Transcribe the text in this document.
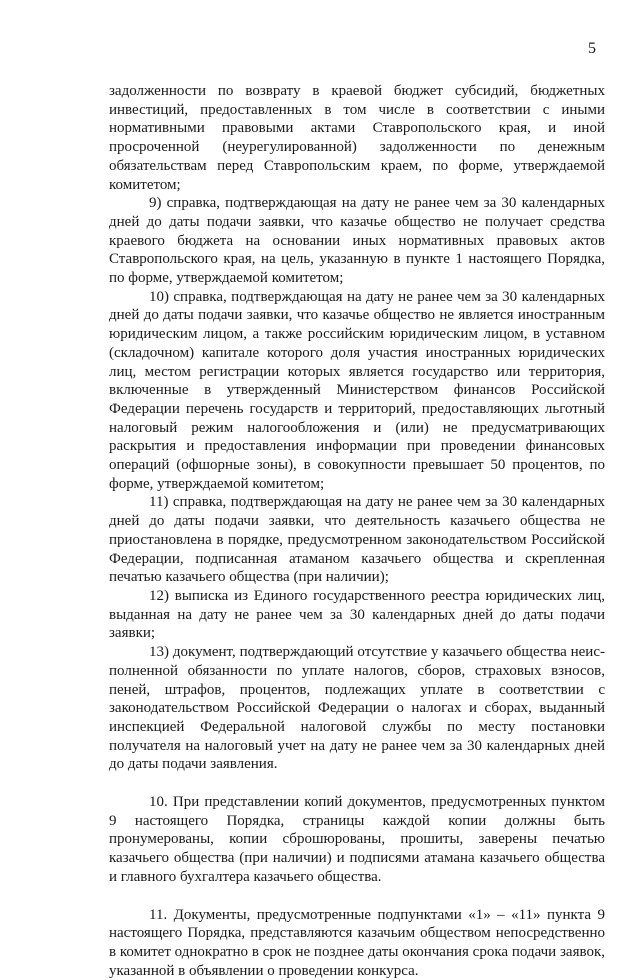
5

задолженности по возврату в краевой бюджет субсидий, бюджетных инвестиций, предоставленных в том числе в соответствии с иными нормативными правовыми актами Ставропольского края, и иной просроченной (неурегулированной) задолженности по денежным обязательствам перед Ставропольским краем, по форме, утверждаемой комитетом;

9) справка, подтверждающая на дату не ранее чем за 30 календарных дней до даты подачи заявки, что казачье общество не получает средства краевого бюджета на основании иных нормативных правовых актов Ставропольского края, на цель, указанную в пункте 1 настоящего Порядка, по форме, утверждаемой комитетом;

10) справка, подтверждающая на дату не ранее чем за 30 календарных дней до даты подачи заявки, что казачье общество не является иностранным юридическим лицом, а также российским юридическим лицом, в уставном (складочном) капитале которого доля участия иностранных юридических лиц, местом регистрации которых является государство или территория, включенные в утвержденный Министерством финансов Российской Федерации перечень государств и территорий, предоставляющих льготный налоговый режим налогообложения и (или) не предусматривающих раскрытия и предоставления информации при проведении финансовых операций (офшорные зоны), в совокупности превышает 50 процентов, по форме, утверждаемой комитетом;

11) справка, подтверждающая на дату не ранее чем за 30 календарных дней до даты подачи заявки, что деятельность казачьего общества не приостановлена в порядке, предусмотренном законодательством Российской Федерации, подписанная атаманом казачьего общества и скрепленная печатью казачьего общества (при наличии);

12) выписка из Единого государственного реестра юридических лиц, выданная на дату не ранее чем за 30 календарных дней до даты подачи заявки;

13) документ, подтверждающий отсутствие у казачьего общества неисполненной обязанности по уплате налогов, сборов, страховых взносов, пеней, штрафов, процентов, подлежащих уплате в соответствии с законодательством Российской Федерации о налогах и сборах, выданный инспекцией Федеральной налоговой службы по месту постановки получателя на налоговый учет на дату не ранее чем за 30 календарных дней до даты подачи заявления.

10. При представлении копий документов, предусмотренных пунктом 9 настоящего Порядка, страницы каждой копии должны быть пронумерованы, копии сброшюрованы, прошиты, заверены печатью казачьего общества (при наличии) и подписями атамана казачьего общества и главного бухгалтера казачьего общества.

11. Документы, предусмотренные подпунктами «1» – «11» пункта 9 настоящего Порядка, представляются казачьим обществом непосредственно в комитет однократно в срок не позднее даты окончания срока подачи заявок, указанной в объявлении о проведении конкурса.
